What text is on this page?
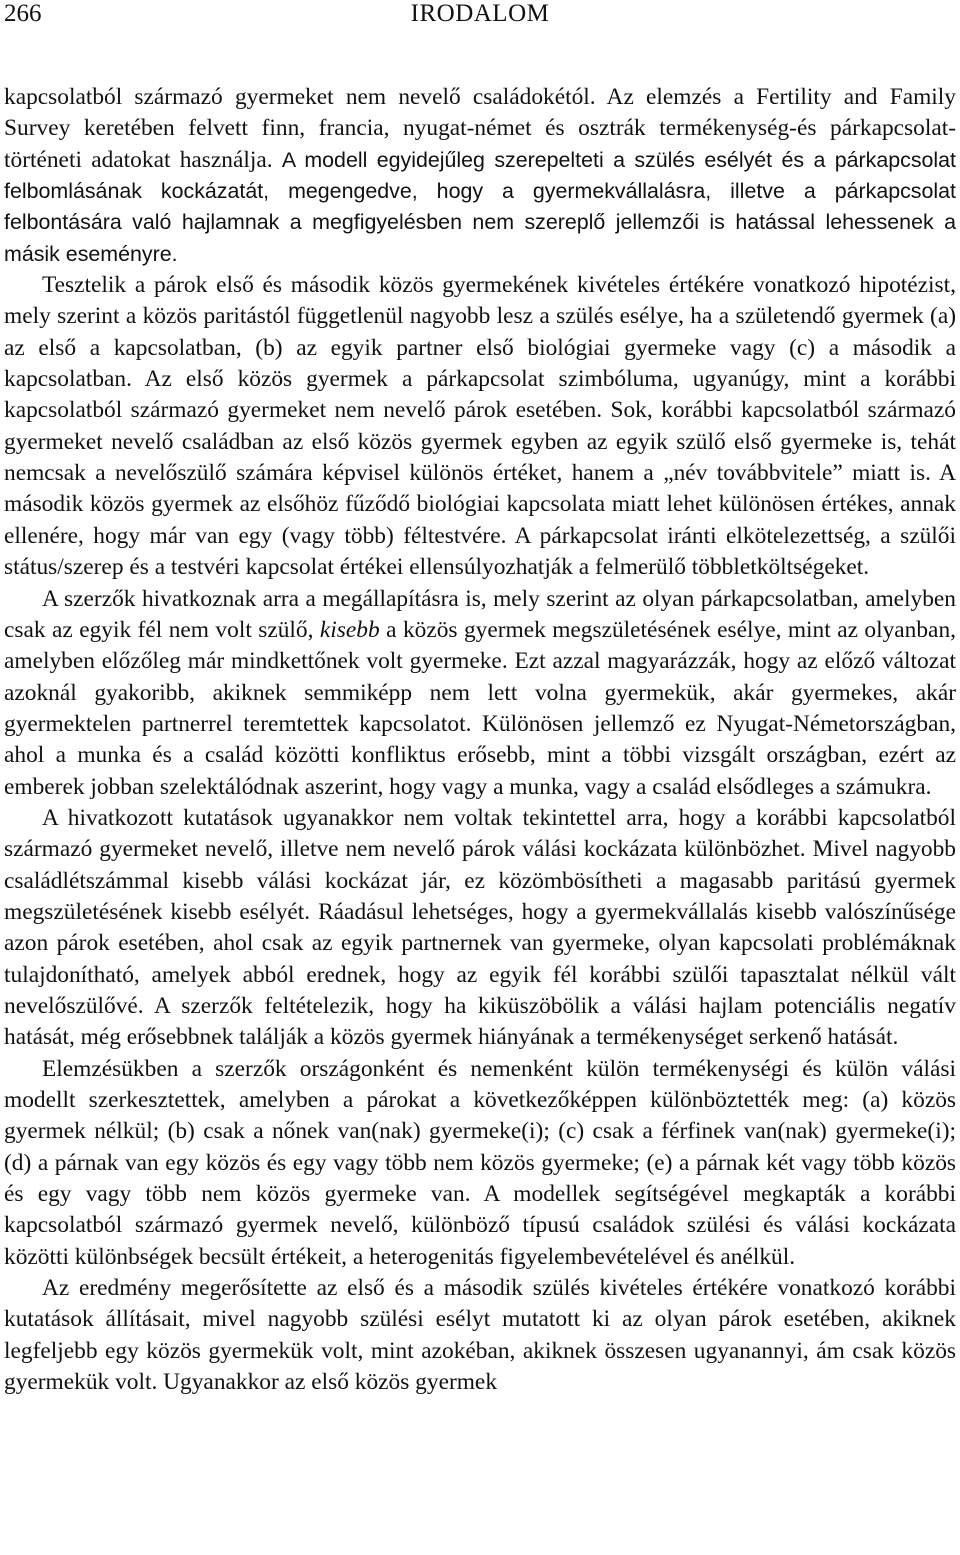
266	IRODALOM

kapcsolatból származó gyermeket nem nevelő családokétól. Az elemzés a Fertility and Family Survey keretében felvett finn, francia, nyugat-német és osztrák termékenység-és párkapcsolat-történeti adatokat használja. A modell egyidejűleg szerepelteti a szülés esélyét és a párkapcsolat felbomlásának kockázatát, megengedve, hogy a gyermekvállalásra, illetve a párkapcsolat felbontására való hajlamnak a megfigyelésben nem szereplő jellemzői is hatással lehessenek a másik eseményre.

Tesztelik a párok első és második közös gyermekének kivételes értékére vonatkozó hipotézist, mely szerint a közös paritástól függetlenül nagyobb lesz a szülés esélye, ha a születendő gyermek (a) az első a kapcsolatban, (b) az egyik partner első biológiai gyermeke vagy (c) a második a kapcsolatban. Az első közös gyermek a párkapcsolat szimbóluma, ugyanúgy, mint a korábbi kapcsolatból származó gyermeket nem nevelő párok esetében. Sok, korábbi kapcsolatból származó gyermeket nevelő családban az első közös gyermek egyben az egyik szülő első gyermeke is, tehát nemcsak a nevelőszülő számára képvisel különös értéket, hanem a „név továbbvitele” miatt is. A második közös gyermek az elsőhöz fűződő biológiai kapcsolata miatt lehet különösen értékes, annak ellenére, hogy már van egy (vagy több) féltestvére. A párkapcsolat iránti elkötelezettség, a szülői státus/szerep és a testvéri kapcsolat értékei ellensúlyozhatják a felmerülő többletköltségeket.

A szerzők hivatkoznak arra a megállapításra is, mely szerint az olyan párkapcsolatban, amelyben csak az egyik fél nem volt szülő, kisebb a közös gyermek megszületésének esélye, mint az olyanban, amelyben előzőleg már mindkettőnek volt gyermeke. Ezt azzal magyarázzák, hogy az előző változat azoknál gyakoribb, akiknek semmiképp nem lett volna gyermekük, akár gyermekes, akár gyermektelen partnerrel teremtettek kapcsolatot. Különösen jellemző ez Nyugat-Németországban, ahol a munka és a család közötti konfliktus erősebb, mint a többi vizsgált országban, ezért az emberek jobban szelektálódnak aszerint, hogy vagy a munka, vagy a család elsődleges a számukra.

A hivatkozott kutatások ugyanakkor nem voltak tekintettel arra, hogy a korábbi kapcsolatból származó gyermeket nevelő, illetve nem nevelő párok válási kockázata különbözhet. Mivel nagyobb családlétszámmal kisebb válási kockázat jár, ez közömbösítheti a magasabb paritású gyermek megszületésének kisebb esélyét. Ráadásul lehetséges, hogy a gyermekvállalás kisebb valószínűsége azon párok esetében, ahol csak az egyik partnernek van gyermeke, olyan kapcsolati problémáknak tulajdonítható, amelyek abból erednek, hogy az egyik fél korábbi szülői tapasztalat nélkül vált nevelőszülővé. A szerzők feltételezik, hogy ha kiküszöbölik a válási hajlam potenciális negatív hatását, még erősebbnek találják a közös gyermek hiányának a termékenységet serkenő hatását.

Elemzésükben a szerzők országonként és nemenként külön termékenységi és külön válási modellt szerkesztettek, amelyben a párokat a következőképpen különböztették meg: (a) közös gyermek nélkül; (b) csak a nőnek van(nak) gyermeke(i); (c) csak a férfinek van(nak) gyermeke(i); (d) a párnak van egy közös és egy vagy több nem közös gyermeke; (e) a párnak két vagy több közös és egy vagy több nem közös gyermeke van. A modellek segítségével megkapták a korábbi kapcsolatból származó gyermek nevelő, különböző típusú családok szülési és válási kockázata közötti különbségek becsült értékeit, a heterogenitás figyelembevételével és anélkül.

Az eredmény megerősítette az első és a második szülés kivételes értékére vonatkozó korábbi kutatások állításait, mivel nagyobb szülési esélyt mutatott ki az olyan párok esetében, akiknek legfeljebb egy közös gyermekük volt, mint azokéban, akiknek összesen ugyanannyi, ám csak közös gyermekük volt. Ugyanakkor az első közös gyermek
